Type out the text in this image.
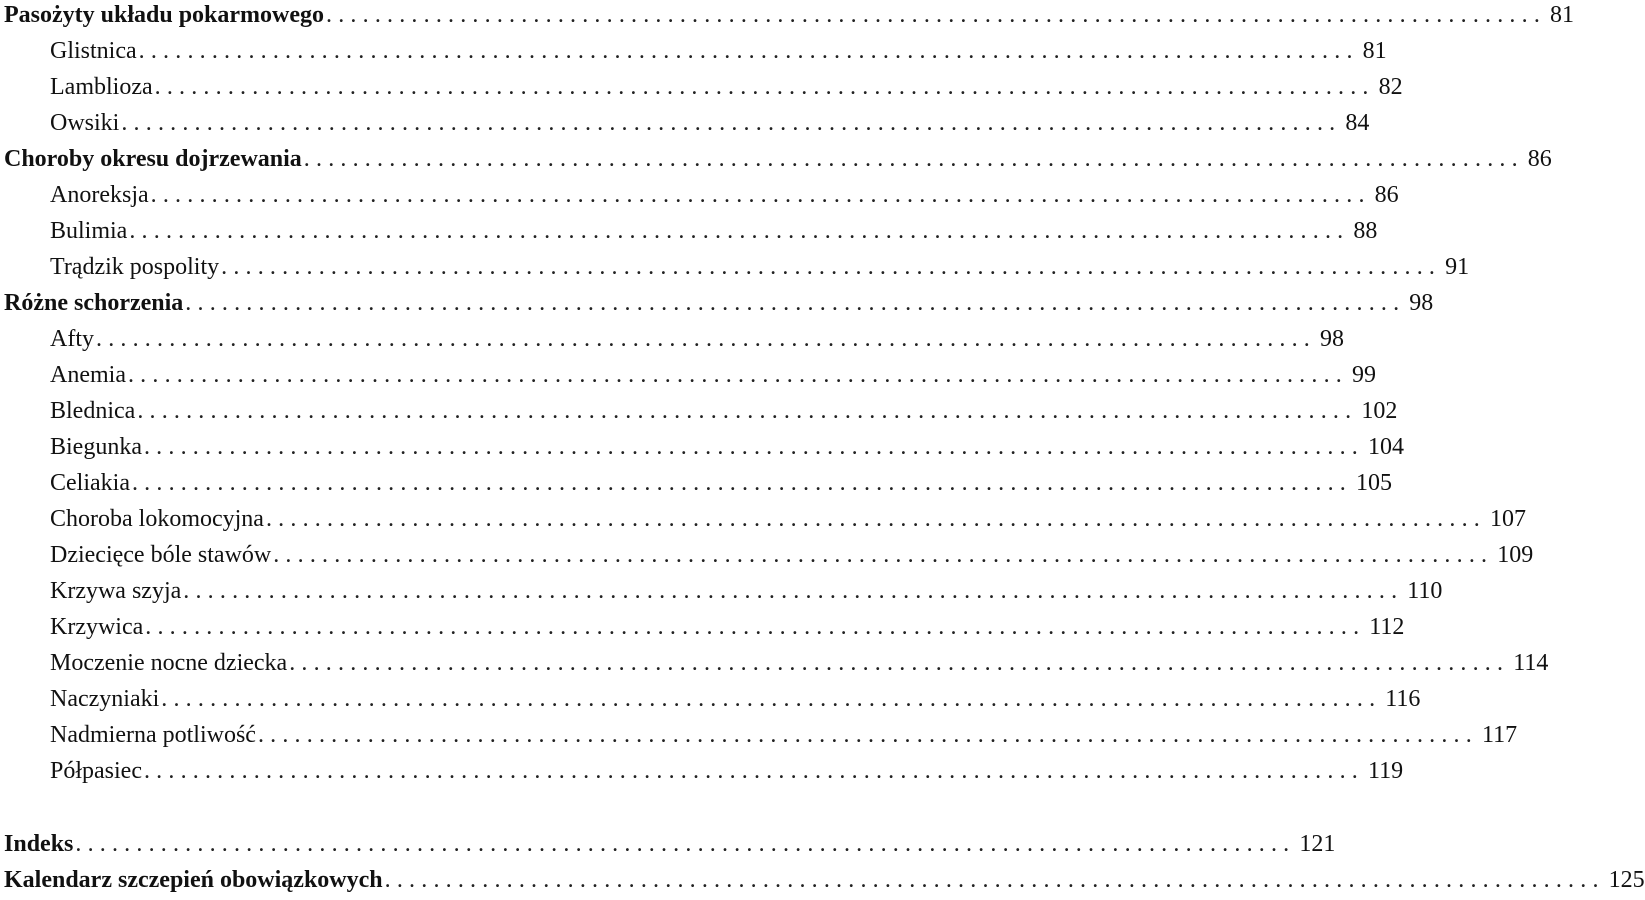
Pasożyty układu pokarmowego .................................................................................................... 81
Glistnica .................................................................................................... 81
Lamblioza .................................................................................................... 82
Owsiki .................................................................................................... 84
Choroby okresu dojrzewania .................................................................................................... 86
Anoreksja .................................................................................................... 86
Bulimia .................................................................................................... 88
Trądzik pospolity .................................................................................................... 91
Różne schorzenia .................................................................................................... 98
Afty .................................................................................................... 98
Anemia .................................................................................................... 99
Blednica .................................................................................................... 102
Biegunka .................................................................................................... 104
Celiakia .................................................................................................... 105
Choroba lokomocyjna .................................................................................................... 107
Dziecięce bóle stawów .................................................................................................... 109
Krzywa szyja .................................................................................................... 110
Krzywica .................................................................................................... 112
Moczenie nocne dziecka .................................................................................................... 114
Naczyniaki .................................................................................................... 116
Nadmierna potliwość .................................................................................................... 117
Półpasiec .................................................................................................... 119
Indeks .................................................................................................... 121
Kalendarz szczepień obowiązkowych .................................................................................................... 125
